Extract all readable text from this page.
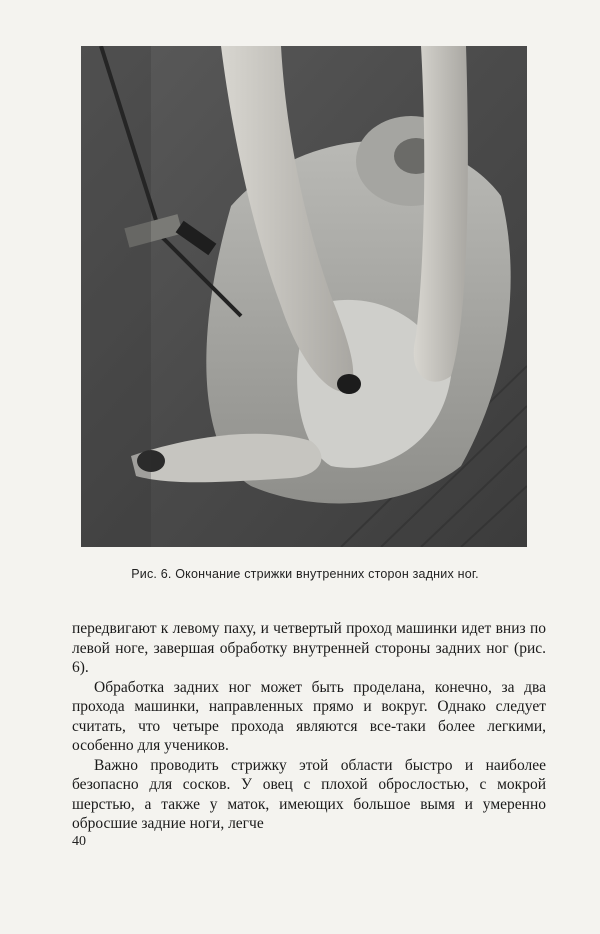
Рис. 6. Окончание стрижки внутренних сторон задних ног.

передвигают к левому паху, и четвертый проход машинки идет вниз по левой ноге, завершая обработку внутренней стороны задних ног (рис. 6).

Обработка задних ног может быть проделана, конечно, за два прохода машинки, направленных прямо и вокруг. Однако следует считать, что четыре прохода являются все-таки более легкими, особенно для учеников.

Важно проводить стрижку этой области быстро и наиболее безопасно для сосков. У овец с плохой оброслостью, с мокрой шерстью, а также у маток, имеющих большое вымя и умеренно обросшие задние ноги, легче

40
